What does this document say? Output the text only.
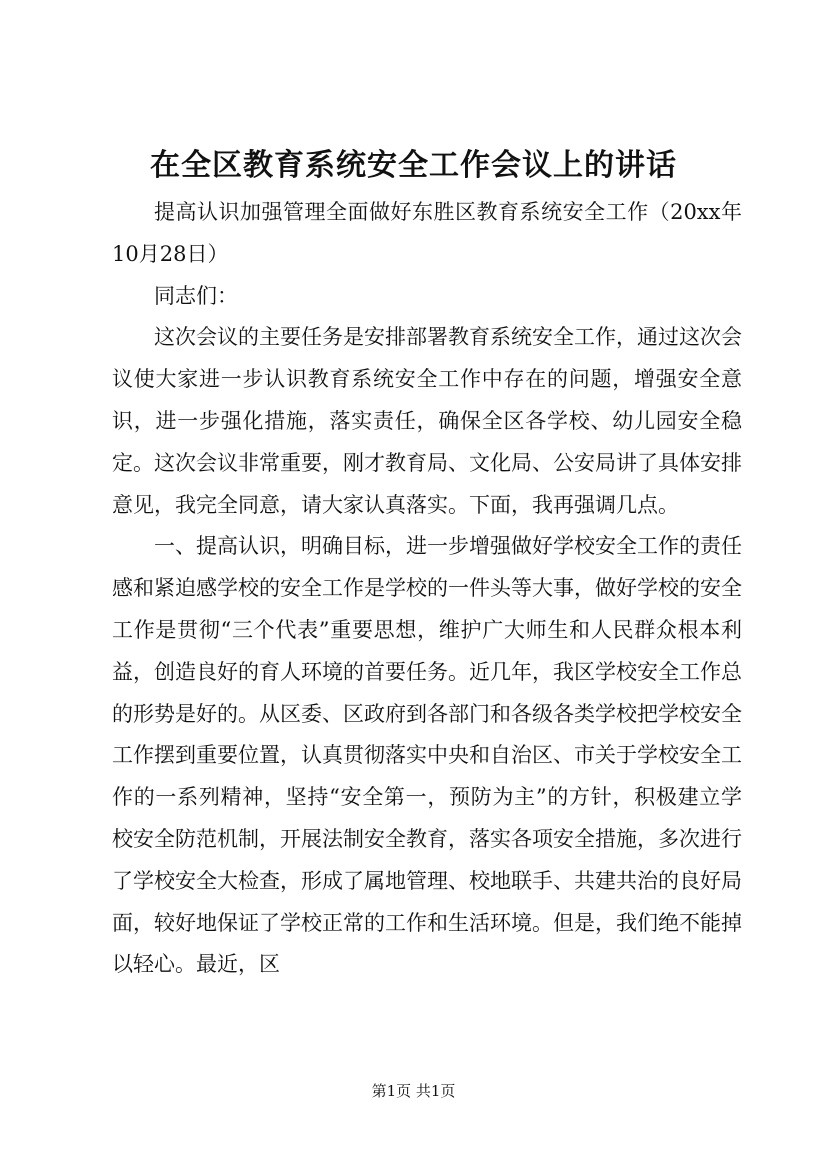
在全区教育系统安全工作会议上的讲话

提高认识加强管理全面做好东胜区教育系统安全工作（20xx年10月28日）

同志们：

这次会议的主要任务是安排部署教育系统安全工作，通过这次会议使大家进一步认识教育系统安全工作中存在的问题，增强安全意识，进一步强化措施，落实责任，确保全区各学校、幼儿园安全稳定。这次会议非常重要，刚才教育局、文化局、公安局讲了具体安排意见，我完全同意，请大家认真落实。下面，我再强调几点。

一、提高认识，明确目标，进一步增强做好学校安全工作的责任感和紧迫感学校的安全工作是学校的一件头等大事，做好学校的安全工作是贯彻“三个代表”重要思想，维护广大师生和人民群众根本利益，创造良好的育人环境的首要任务。近几年，我区学校安全工作总的形势是好的。从区委、区政府到各部门和各级各类学校把学校安全工作摆到重要位置，认真贯彻落实中央和自治区、市关于学校安全工作的一系列精神，坚持“安全第一，预防为主”的方针，积极建立学校安全防范机制，开展法制安全教育，落实各项安全措施，多次进行了学校安全大检查，形成了属地管理、校地联手、共建共治的良好局面，较好地保证了学校正常的工作和生活环境。但是，我们绝不能掉以轻心。最近，区

第1页 共1页
